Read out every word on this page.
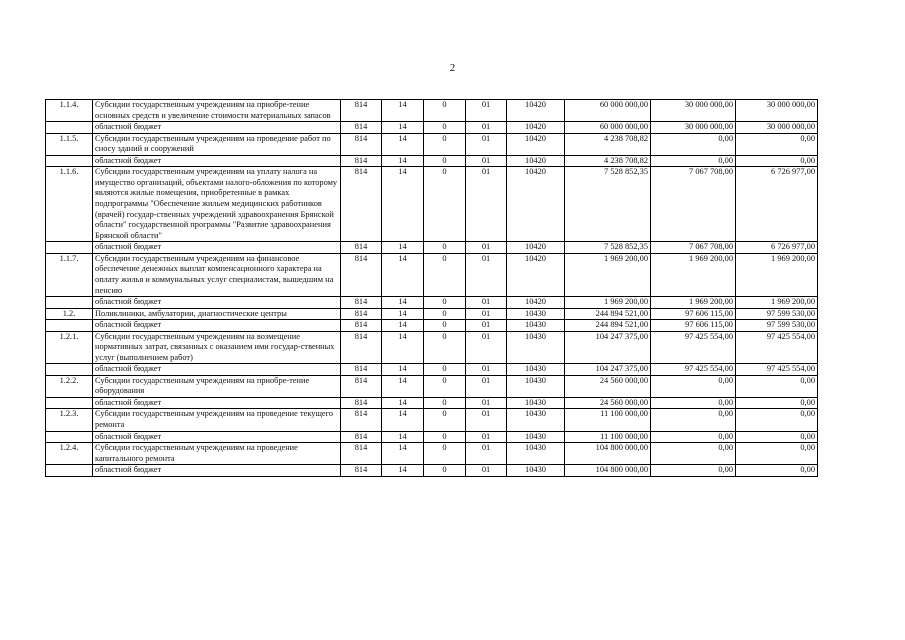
2
1.1.4.	Субсидии государственным учреждениям на приобре-тение основных средств и увеличение стоимости материальных запасов	814	14	0	01	10420	60 000 000,00	30 000 000,00	30 000 000,00
	областной бюджет	814	14	0	01	10420	60 000 000,00	30 000 000,00	30 000 000,00
1.1.5.	Субсидии государственным учреждениям на проведение работ по сносу зданий и сооружений	814	14	0	01	10420	4 238 708,82	0,00	0,00
	областной бюджет	814	14	0	01	10420	4 238 708,82	0,00	0,00
1.1.6.	Субсидии государственным учреждениям на уплату налога на имущество организаций, объектами налого-обложения по которому являются жилые помещения, приобретенные в рамках подпрограммы "Обеспечение жильем медицинских работников (врачей) государ-ственных учреждений здравоохранения Брянской области" государственной программы "Развитие здравоохранения Брянской области"	814	14	0	01	10420	7 528 852,35	7 067 708,00	6 726 977,00
	областной бюджет	814	14	0	01	10420	7 528 852,35	7 067 708,00	6 726 977,00
1.1.7.	Субсидии государственным учреждениям на финансовое обеспечение денежных выплат компенсационного характера на оплату жилья и коммунальных услуг специалистам, вышедшим на пенсию	814	14	0	01	10420	1 969 200,00	1 969 200,00	1 969 200,00
	областной бюджет	814	14	0	01	10420	1 969 200,00	1 969 200,00	1 969 200,00
1.2.	Поликлиники, амбулатории, диагностические центры	814	14	0	01	10430	244 894 521,00	97 606 115,00	97 599 530,00
	областной бюджет	814	14	0	01	10430	244 894 521,00	97 606 115,00	97 599 530,00
1.2.1.	Субсидии государственным учреждениям на возмещение нормативных затрат, связанных с оказанием ими государ-ственных услуг (выполнением работ)	814	14	0	01	10430	104 247 375,00	97 425 554,00	97 425 554,00
	областной бюджет	814	14	0	01	10430	104 247 375,00	97 425 554,00	97 425 554,00
1.2.2.	Субсидии государственным учреждениям на приобре-тение оборудования	814	14	0	01	10430	24 560 000,00	0,00	0,00
	областной бюджет	814	14	0	01	10430	24 560 000,00	0,00	0,00
1.2.3.	Субсидии государственным учреждениям на проведение текущего ремонта	814	14	0	01	10430	11 100 000,00	0,00	0,00
	областной бюджет	814	14	0	01	10430	11 100 000,00	0,00	0,00
1.2.4.	Субсидии государственным учреждениям на проведение капитального ремонта	814	14	0	01	10430	104 800 000,00	0,00	0,00
	областной бюджет	814	14	0	01	10430	104 800 000,00	0,00	0,00
